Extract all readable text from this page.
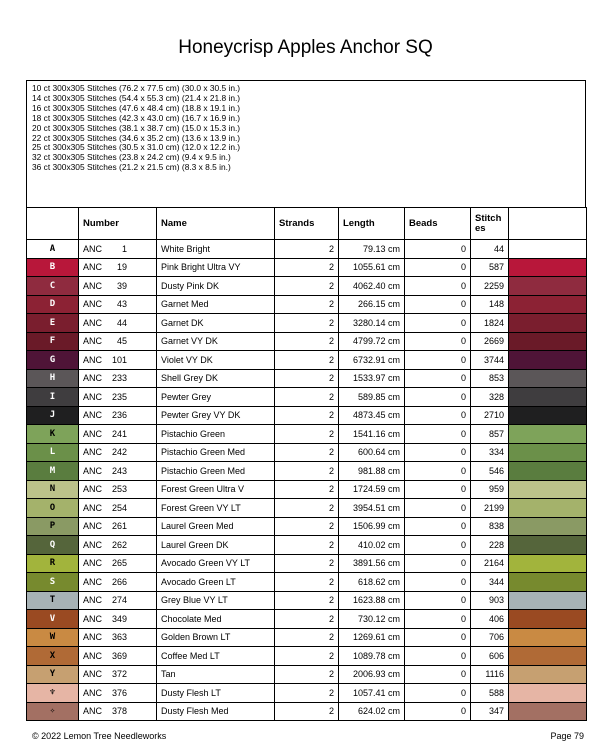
Honeycrisp Apples Anchor SQ
10 ct 300x305 Stitches (76.2 x 77.5 cm) (30.0 x 30.5 in.)
14 ct 300x305 Stitches (54.4 x 55.3 cm) (21.4 x 21.8 in.)
16 ct 300x305 Stitches (47.6 x 48.4 cm) (18.8 x 19.1 in.)
18 ct 300x305 Stitches (42.3 x 43.0 cm) (16.7 x 16.9 in.)
20 ct 300x305 Stitches (38.1 x 38.7 cm) (15.0 x 15.3 in.)
22 ct 300x305 Stitches (34.6 x 35.2 cm) (13.6 x 13.9 in.)
25 ct 300x305 Stitches (30.5 x 31.0 cm) (12.0 x 12.2 in.)
32 ct 300x305 Stitches (23.8 x 24.2 cm) (9.4 x 9.5 in.)
36 ct 300x305 Stitches (21.2 x 21.5 cm) (8.3 x 8.5 in.)
	Number	Name	Strands	Length	Beads	Stitch es	
A	ANC 1	White Bright	2	79.13 cm	0	44	
B	ANC 19	Pink Bright Ultra VY	2	1055.61 cm	0	587	
C	ANC 39	Dusty Pink DK	2	4062.40 cm	0	2259	
D	ANC 43	Garnet Med	2	266.15 cm	0	148	
E	ANC 44	Garnet DK	2	3280.14 cm	0	1824	
F	ANC 45	Garnet VY DK	2	4799.72 cm	0	2669	
G	ANC 101	Violet VY DK	2	6732.91 cm	0	3744	
H	ANC 233	Shell Grey DK	2	1533.97 cm	0	853	
I	ANC 235	Pewter Grey	2	589.85 cm	0	328	
J	ANC 236	Pewter Grey VY DK	2	4873.45 cm	0	2710	
K	ANC 241	Pistachio Green	2	1541.16 cm	0	857	
L	ANC 242	Pistachio Green Med	2	600.64 cm	0	334	
M	ANC 243	Pistachio Green Med	2	981.88 cm	0	546	
N	ANC 253	Forest Green Ultra V	2	1724.59 cm	0	959	
O	ANC 254	Forest Green VY LT	2	3954.51 cm	0	2199	
P	ANC 261	Laurel Green Med	2	1506.99 cm	0	838	
Q	ANC 262	Laurel Green DK	2	410.02 cm	0	228	
R	ANC 265	Avocado Green VY LT	2	3891.56 cm	0	2164	
S	ANC 266	Avocado Green LT	2	618.62 cm	0	344	
T	ANC 274	Grey Blue VY LT	2	1623.88 cm	0	903	
V	ANC 349	Chocolate Med	2	730.12 cm	0	406	
W	ANC 363	Golden Brown LT	2	1269.61 cm	0	706	
X	ANC 369	Coffee Med LT	2	1089.78 cm	0	606	
Y	ANC 372	Tan	2	2006.93 cm	0	1116	
♆	ANC 376	Dusty Flesh LT	2	1057.41 cm	0	588	
✧	ANC 378	Dusty Flesh Med	2	624.02 cm	0	347	
© 2022 Lemon Tree Needleworks	Page 79
